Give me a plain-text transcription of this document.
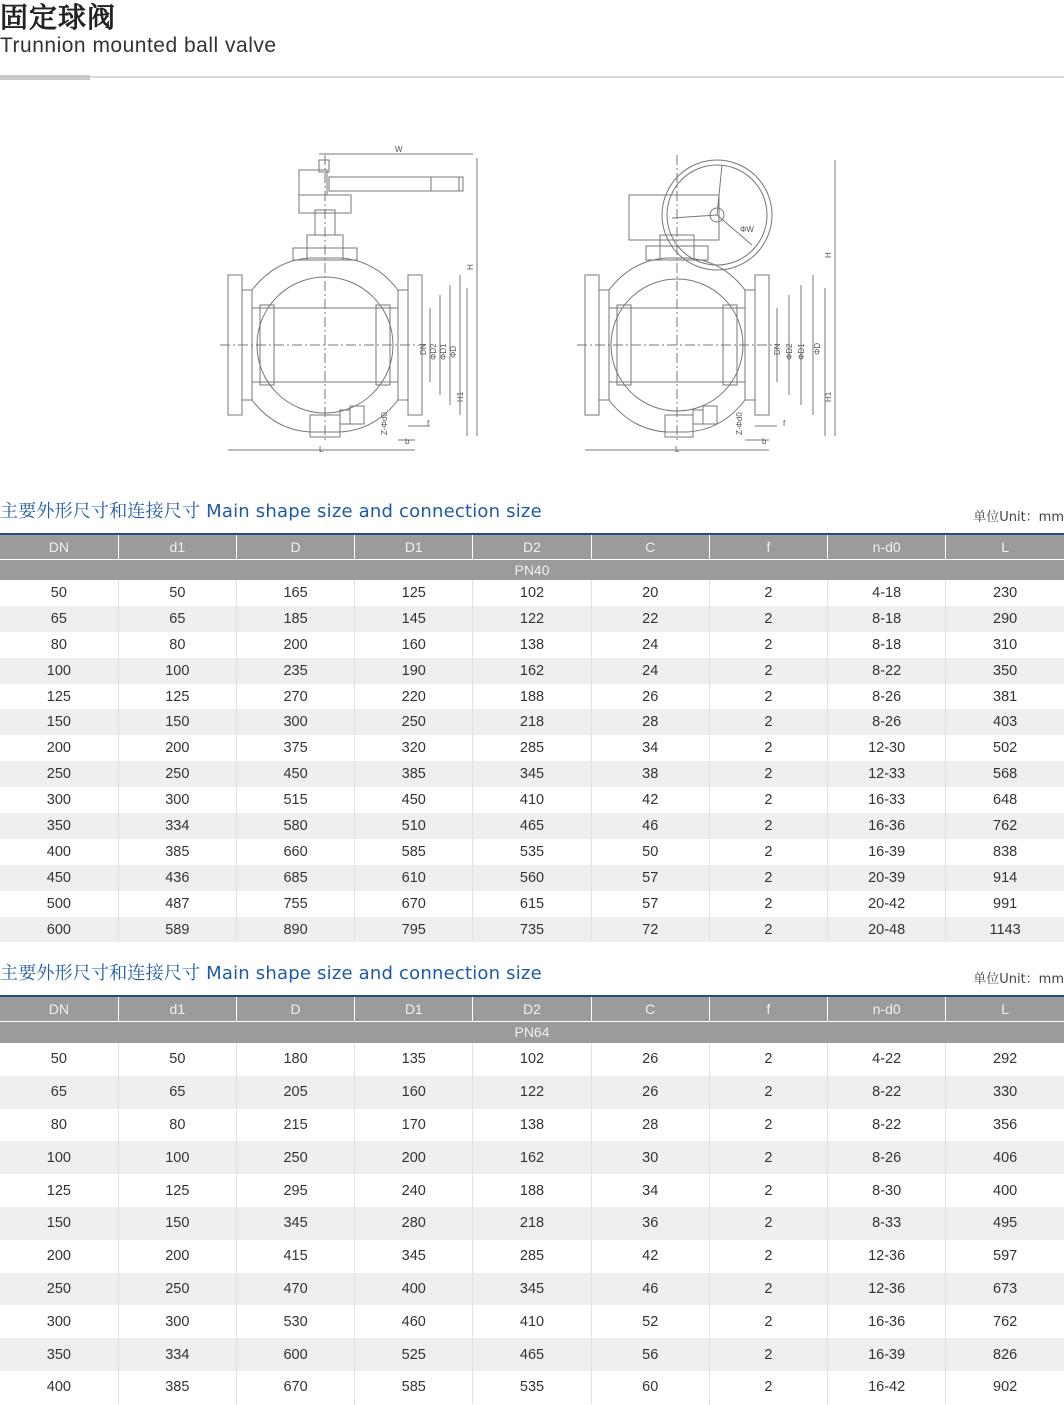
固定球阀
Trunnion mounted ball valve
W
H
H1
DN ΦD2 ΦD1 ΦD
Z-Φd0	f
b
L
ΦW
H
H1
DN ΦD2 ΦD1 ΦD
Z-Φd0	f
b
L
主要外形尺寸和连接尺寸 Main shape size and connection size	单位Unit：mm
DN	d1	D	D1	D2	C	f	n-d0	L
PN40								
50	50	165	125	102	20	2	4-18	230
65	65	185	145	122	22	2	8-18	290
80	80	200	160	138	24	2	8-18	310
100	100	235	190	162	24	2	8-22	350
125	125	270	220	188	26	2	8-26	381
150	150	300	250	218	28	2	8-26	403
200	200	375	320	285	34	2	12-30	502
250	250	450	385	345	38	2	12-33	568
300	300	515	450	410	42	2	16-33	648
350	334	580	510	465	46	2	16-36	762
400	385	660	585	535	50	2	16-39	838
450	436	685	610	560	57	2	20-39	914
500	487	755	670	615	57	2	20-42	991
600	589	890	795	735	72	2	20-48	1143
主要外形尺寸和连接尺寸 Main shape size and connection size	单位Unit：mm
DN	d1	D	D1	D2	C	f	n-d0	L
PN64								
50	50	180	135	102	26	2	4-22	292
65	65	205	160	122	26	2	8-22	330
80	80	215	170	138	28	2	8-22	356
100	100	250	200	162	30	2	8-26	406
125	125	295	240	188	34	2	8-30	400
150	150	345	280	218	36	2	8-33	495
200	200	415	345	285	42	2	12-36	597
250	250	470	400	345	46	2	12-36	673
300	300	530	460	410	52	2	16-36	762
350	334	600	525	465	56	2	16-39	826
400	385	670	585	535	60	2	16-42	902
